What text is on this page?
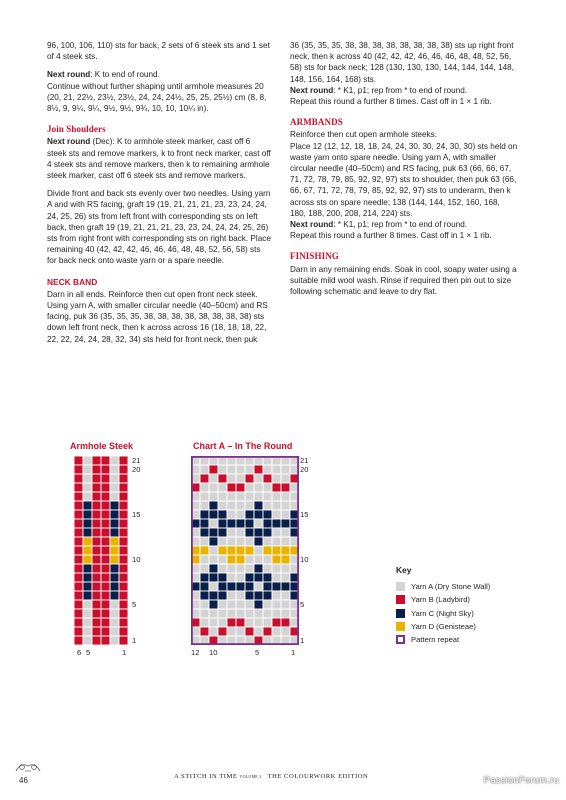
96, 100, 106, 110) sts for back, 2 sets of 6 steek sts and 1 set of 4 steek sts.

Next round: K to end of round.

Continue without further shaping until armhole measures 20 (20, 21, 22½, 23½, 23½, 24, 24, 24½, 25, 25, 25½) cm (8, 8, 8½, 9, 9¼, 9¼, 9½, 9½, 9¾, 10, 10, 10¼ in).

Join Shoulders

Next round (Dec): K to armhole steek marker, cast off 6 steek sts and remove markers, k to front neck marker, cast off 4 steek sts and remove markers, then k to remaining armhole steek marker, cast off 6 steek sts and remove markers.

Divide front and back sts evenly over two needles. Using yarn A and with RS facing, graft 19 (19, 21, 21, 21, 23, 23, 24, 24, 24, 25, 26) sts from left front with corresponding sts on left back, then graft 19 (19, 21, 21, 21, 23, 23, 24, 24, 24, 25, 26) sts from right front with corresponding sts on right back. Place remaining 40 (42, 42, 42, 46, 46, 46, 48, 48, 52, 56, 58) sts for back neck onto waste yarn or a spare needle.

NECK BAND

Darn in all ends. Reinforce then cut open front neck steek. Using yarn A, with smaller circular needle (40–50cm) and RS facing, puk 36 (35, 35, 35, 38, 38, 38, 38, 38, 38, 38, 38) sts down left front neck, then k across across 16 (18, 18, 18, 22, 22, 22, 24, 24, 28, 32, 34) sts held for front neck, then puk

36 (35, 35, 35, 38, 38, 38, 38, 38, 38, 38, 38) sts up right front neck, then k across 40 (42, 42, 42, 46, 46, 46, 48, 48, 52, 56, 58) sts for back neck; 128 (130, 130, 130, 144, 144, 144, 148, 148, 156, 164, 168) sts.

Next round: * K1, p1; rep from * to end of round.

Repeat this round a further 8 times. Cast off in 1 × 1 rib.

ARMBANDS

Reinforce then cut open armhole steeks.

Place 12 (12, 12, 18, 18, 24, 24, 30, 30, 24, 30, 30) sts held on waste yarn onto spare needle. Using yarn A, with smaller circular needle (40–50cm) and RS facing, puk 63 (66, 66, 67, 71, 72, 78, 79, 85, 92, 92, 97) sts to shoulder, then puk 63 (66, 66, 67, 71, 72, 78, 79, 85, 92, 92, 97) sts to underarm, then k across sts on spare needle; 138 (144, 144, 152, 160, 168, 180, 188, 200, 208, 214, 224) sts.

Next round: * K1, p1; rep from * to end of round.

Repeat this round a further 8 times. Cast off in 1 × 1 rib.

FINISHING

Darn in any remaining ends. Soak in cool, soapy water using a suitable mild wool wash. Rinse if required then pin out to size following schematic and leave to dry flat.

Armhole Steek	Chart A – In The Round
21
20
15
10
5
1
6 5	1
21
20
15
10
5
1
12 10	5	1
Key
Yarn A (Dry Stone Wall)
Yarn B (Ladybird)
Yarn C (Night Sky)
Yarn D (Genisteae)
Pattern repeat
46	A STITCH IN TIME VOLUME 3 THE COLOURWORK EDITION	PassionForum.ru
